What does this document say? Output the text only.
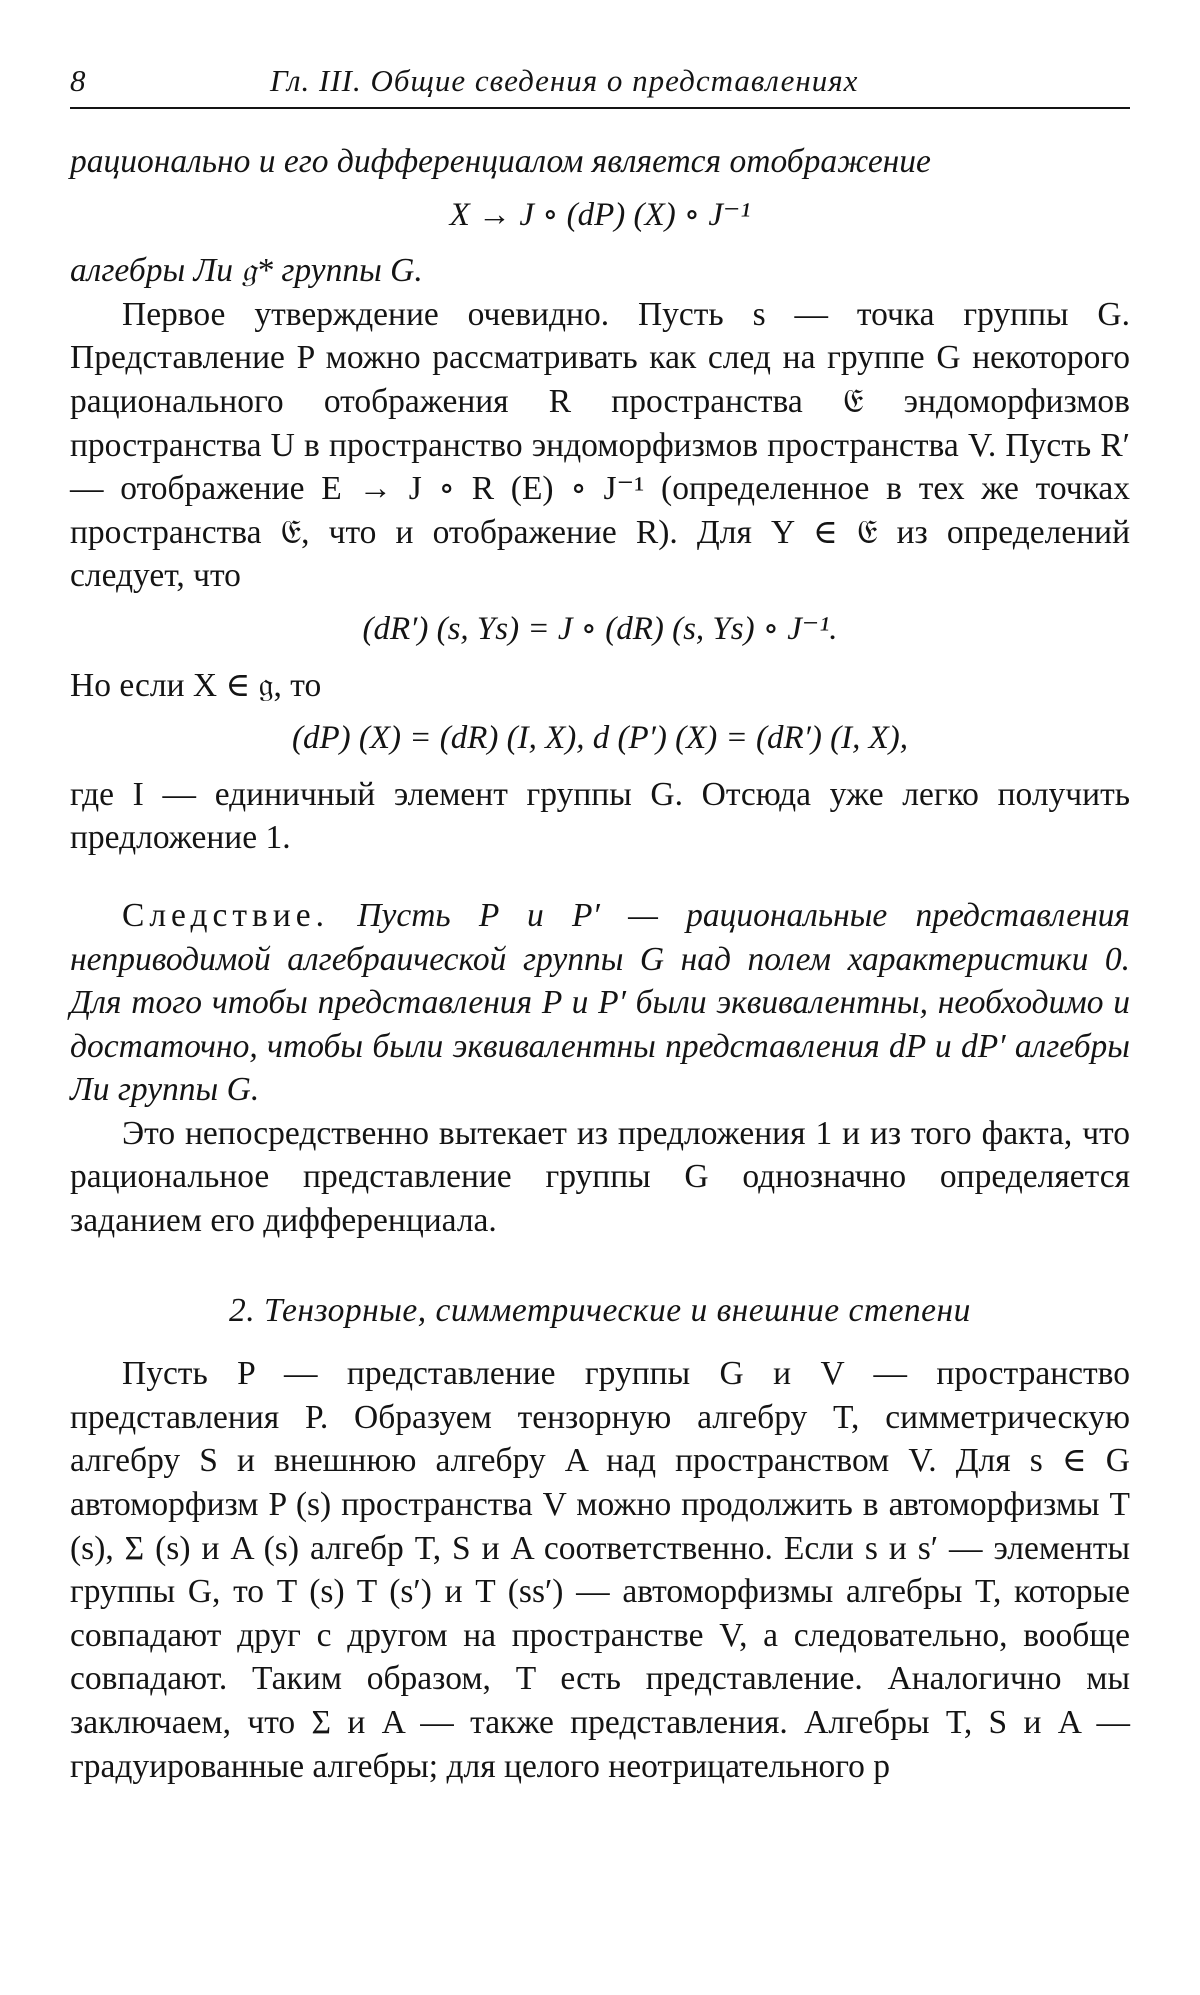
8	Гл. III. Общие сведения о представлениях

рационально и его дифференциалом является отображение

X → J ∘ (dP) (X) ∘ J⁻¹

алгебры Ли 𝔤* группы G.

Первое утверждение очевидно. Пусть s — точка группы G. Представление P можно рассматривать как след на группе G некоторого рационального отображения R пространства 𝔈 эндоморфизмов пространства U в пространство эндоморфизмов пространства V. Пусть R′ — отображение E → J ∘ R (E) ∘ J⁻¹ (определенное в тех же точках пространства 𝔈, что и отображение R). Для Y ∈ 𝔈 из определений следует, что

(dR′) (s, Ys) = J ∘ (dR) (s, Ys) ∘ J⁻¹.

Но если X ∈ 𝔤, то

(dP) (X) = (dR) (I, X), d (P′) (X) = (dR′) (I, X),

где I — единичный элемент группы G. Отсюда уже легко получить предложение 1.

Следствие. Пусть P и P′ — рациональные представления неприводимой алгебраической группы G над полем характеристики 0. Для того чтобы представления P и P′ были эквивалентны, необходимо и достаточно, чтобы были эквивалентны представления dP и dP′ алгебры Ли группы G.

Это непосредственно вытекает из предложения 1 и из того факта, что рациональное представление группы G однозначно определяется заданием его дифференциала.

2. Тензорные, симметрические и внешние степени

Пусть P — представление группы G и V — пространство представления P. Образуем тензорную алгебру T, симметрическую алгебру S и внешнюю алгебру A над пространством V. Для s ∈ G автоморфизм P (s) пространства V можно продолжить в автоморфизмы T (s), Σ (s) и A (s) алгебр T, S и A соответственно. Если s и s′ — элементы группы G, то T (s) T (s′) и T (ss′) — автоморфизмы алгебры T, которые совпадают друг с другом на пространстве V, а следовательно, вообще совпадают. Таким образом, T есть представление. Аналогично мы заключаем, что Σ и A — также представления. Алгебры T, S и A — градуированные алгебры; для целого неотрицательного p
